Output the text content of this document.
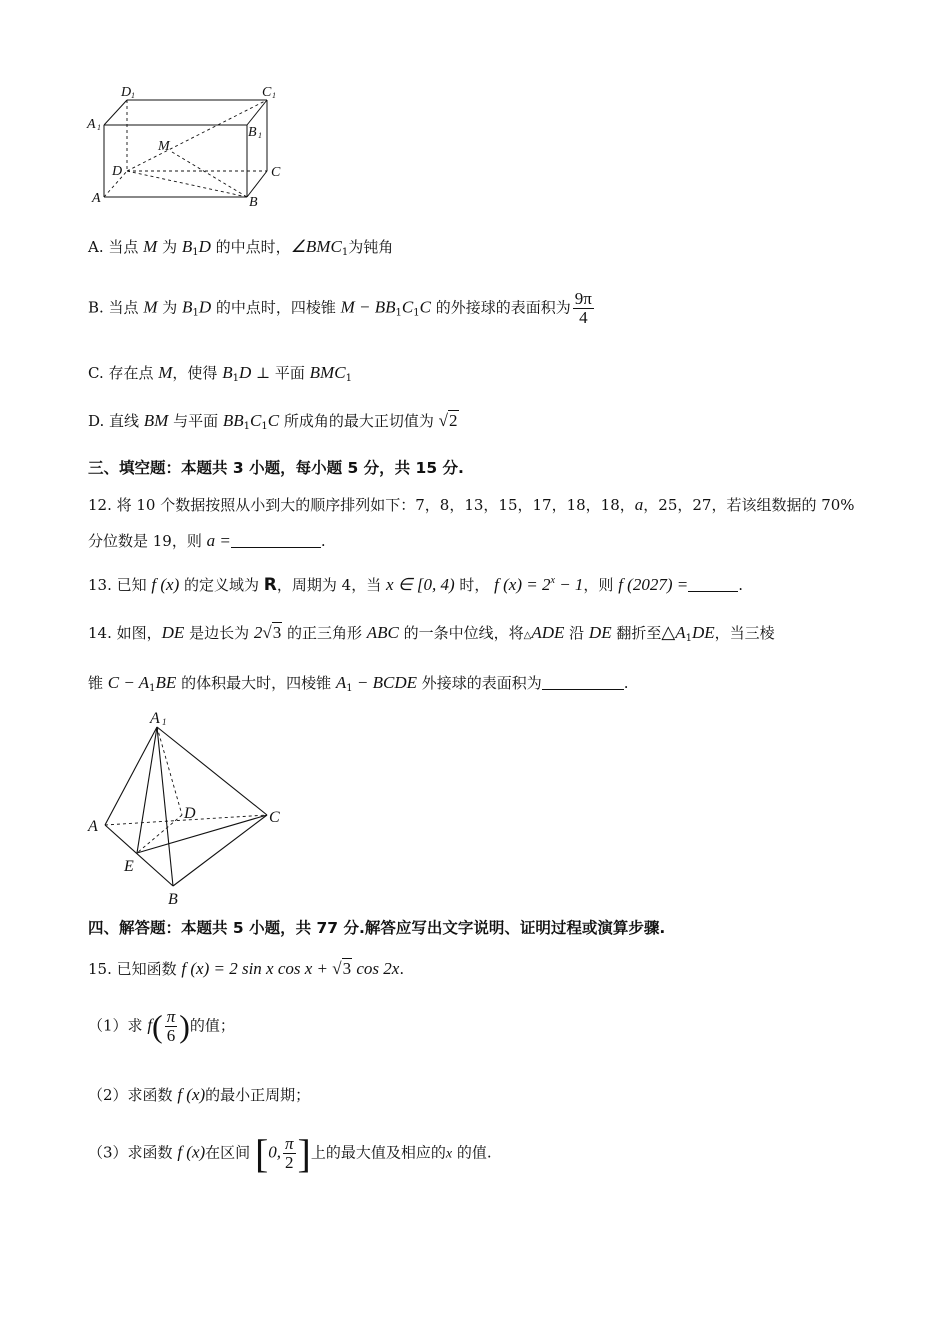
D 1	C 1
A 1	B 1
M
D	C
A	B
A. 当点 M 为 $B_1D$ 的中点时，$\angle BMC_1$为钝角
B. 当点 M 为 $B_1D$ 的中点时，四棱锥 $M - BB_1C_1C$ 的外接球的表面积为 $\frac{9\pi}{4}$
C. 存在点 M，使得 $B_1D$ ⊥ 平面 $BMC_1$
D. 直线 BM 与平面 $BB_1C_1C$ 所成角的最大正切值为 √2
三、填空题：本题共 3 小题，每小题 5 分，共 15 分.
12. 将 10 个数据按照从小到大的顺序排列如下：7，8，13，15，17，18，18，a，25，27，若该组数据的 70%
分位数是 19，则 a =	.
13. 已知 f (x) 的定义域为 R，周期为 4，当 x ∈ [0, 4) 时， f $(x) = 2^x - 1$，则 f (2027) =	.
14. 如图，DE 是边长为 2√3 的正三角形 ABC 的一条中位线，将△ADE 沿 DE 翻折至$\triangle A_1DE$，当三棱
锥 $C - A_1BE$ 的体积最大时，四棱锥 $A_1$ − BCDE 外接球的表面积为	.
A 1
A
D	C
E
B
四、解答题：本题共 5 小题，共 77 分.解答应写出文字说明、证明过程或演算步骤.
15. 已知函数 f (x) = 2 sin x cos x + √3 cos 2x.
（1）求 $f( \frac{\pi}{6}$ )的值；
（2）求函数 f (x)的最小正周期；
（3）求函数 f (x)在区间 [0, $\frac{\pi}{2}$ ]上的最大值及相应的x 的值.
